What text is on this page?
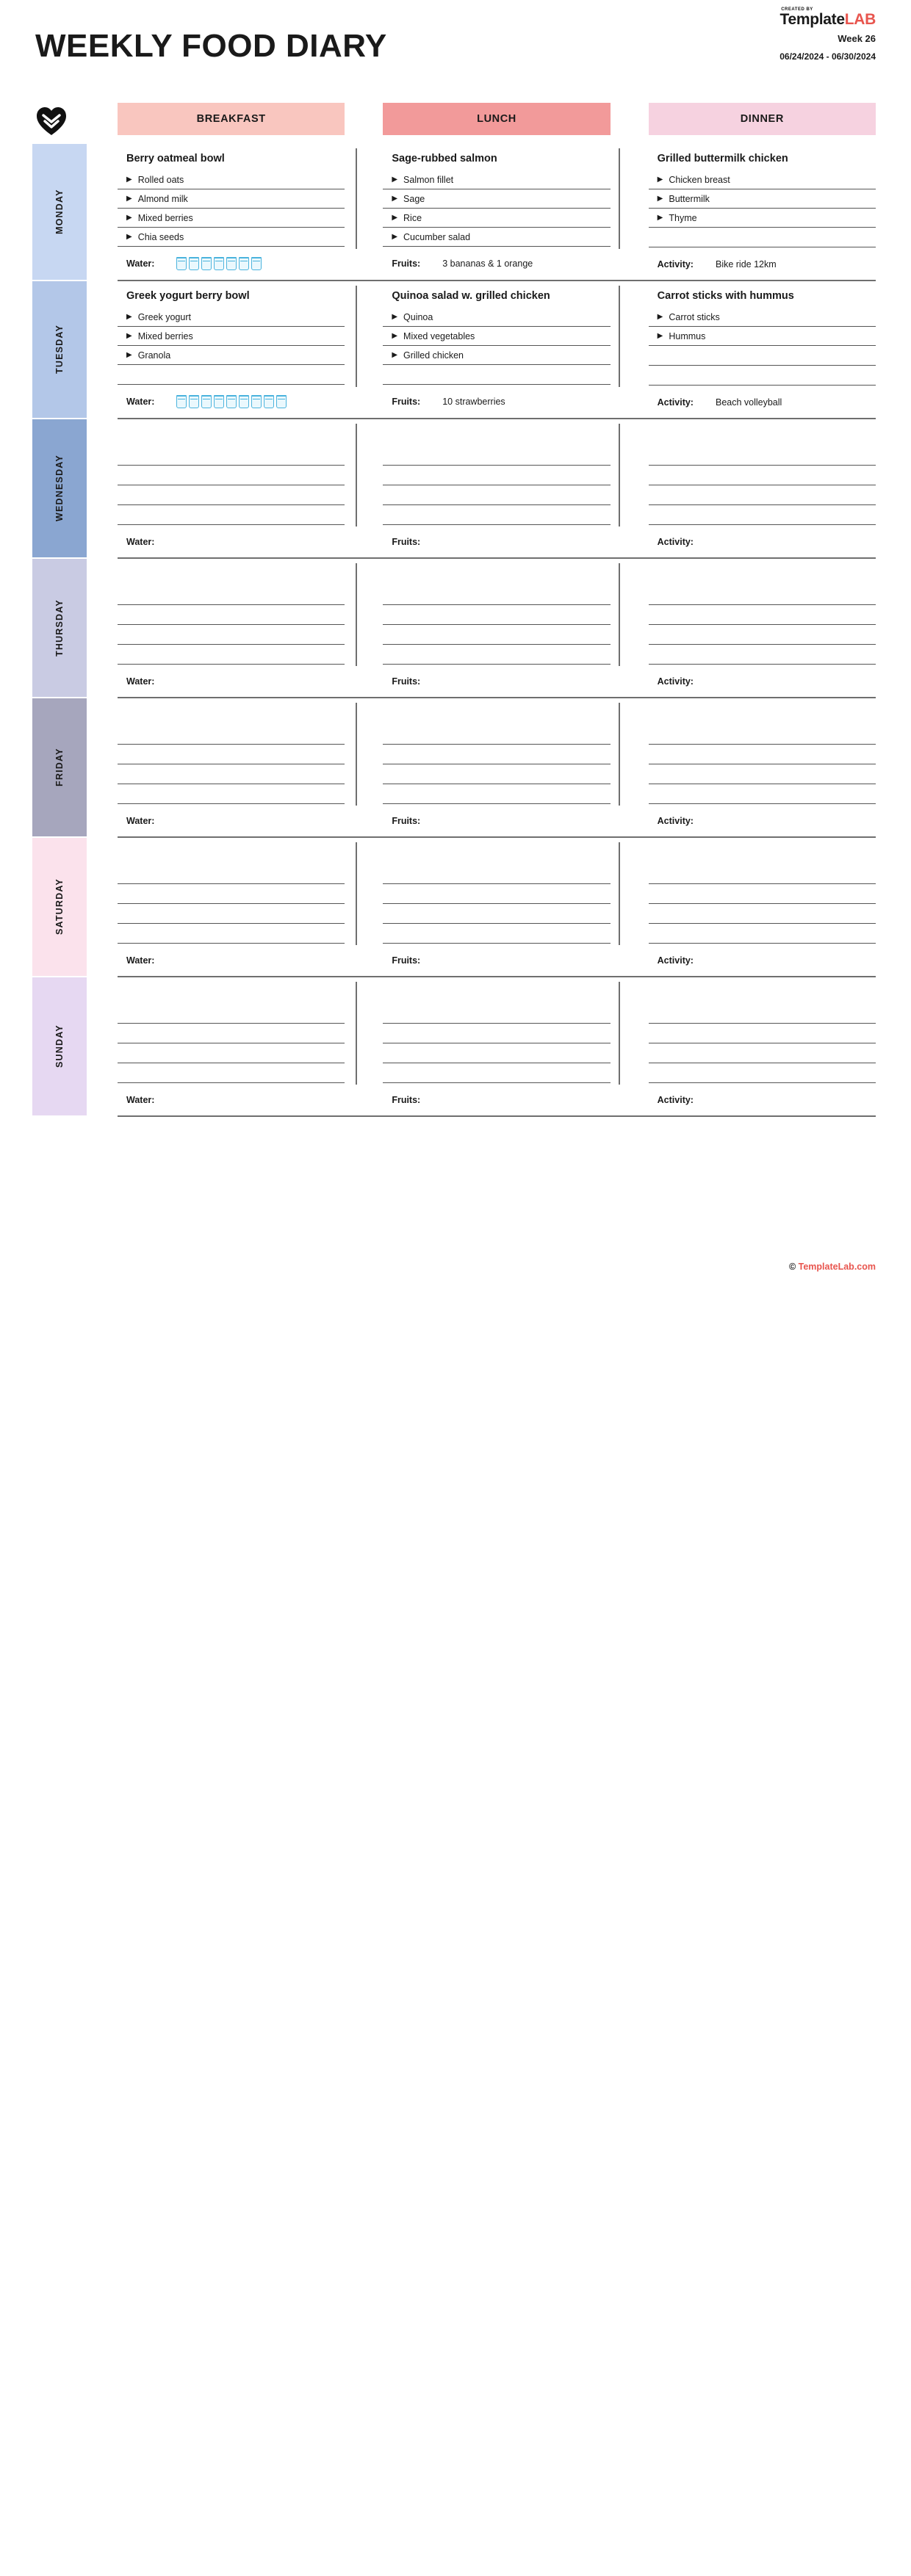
WEEKLY FOOD DIARY
CREATED BY
TemplateLAB
Week 26
06/24/2024 - 06/30/2024
BREAKFAST	LUNCH	DINNER
MONDAY
Berry oatmeal bowl
▶ Rolled oats
▶ Almond milk
▶ Mixed berries
▶ Chia seeds
Water:
Sage-rubbed salmon
▶ Salmon fillet
▶ Sage
▶ Rice
▶ Cucumber salad
Fruits: 3 bananas & 1 orange
Grilled buttermilk chicken
▶ Chicken breast
▶ Buttermilk
▶ Thyme
Activity: Bike ride 12km
TUESDAY
Greek yogurt berry bowl
▶ Greek yogurt
▶ Mixed berries
▶ Granola
Water:
Quinoa salad w. grilled chicken
▶ Quinoa
▶ Mixed vegetables
▶ Grilled chicken
Fruits: 10 strawberries
Carrot sticks with hummus
▶ Carrot sticks
▶ Hummus
Activity: Beach volleyball
WEDNESDAY
Water:	Fruits:	Activity:
THURSDAY
Water:	Fruits:	Activity:
FRIDAY
Water:	Fruits:	Activity:
SATURDAY
Water:	Fruits:	Activity:
SUNDAY
Water:	Fruits:	Activity:
© TemplateLab.com
